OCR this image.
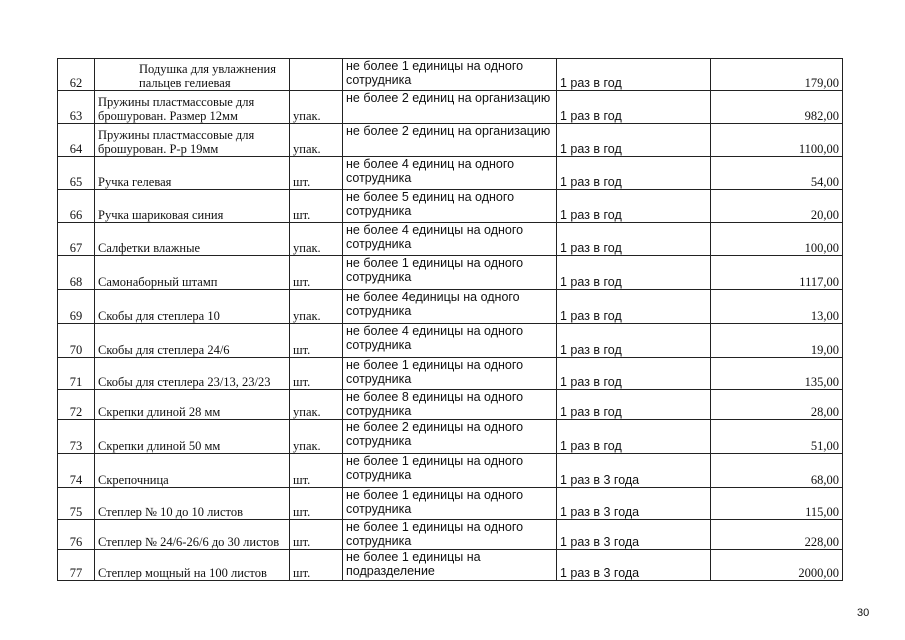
62	Подушка для увлажнения пальцев гелиевая		не более 1 единицы на одного сотрудника	1 раз в год	179,00
63	Пружины пластмассовые для брошурован. Размер 12мм	упак.	не более 2 единиц на организацию	1 раз в год	982,00
64	Пружины пластмассовые для брошурован. Р-р 19мм	упак.	не более 2 единиц на организацию	1 раз в год	1100,00
65	Ручка гелевая	шт.	не более 4 единиц на одного сотрудника	1 раз в год	54,00
66	Ручка шариковая синия	шт.	не более 5 единиц на одного сотрудника	1 раз в год	20,00
67	Салфетки влажные	упак.	не более 4 единицы на одного сотрудника	1 раз в год	100,00
68	Самонаборный штамп	шт.	не более 1 единицы на одного сотрудника	1 раз в год	1117,00
69	Скобы для степлера 10	упак.	не более 4единицы на одного сотрудника	1 раз в год	13,00
70	Скобы для степлера 24/6	шт.	не более 4 единицы на одного сотрудника	1 раз в год	19,00
71	Скобы для степлера 23/13, 23/23	шт.	не более 1 единицы на одного сотрудника	1 раз в год	135,00
72	Скрепки длиной 28 мм	упак.	не более 8 единицы на одного сотрудника	1 раз в год	28,00
73	Скрепки длиной 50 мм	упак.	не более 2 единицы на одного сотрудника	1 раз в год	51,00
74	Скрепочница	шт.	не более 1 единицы на одного сотрудника	1 раз в 3 года	68,00
75	Степлер № 10 до 10 листов	шт.	не более 1 единицы на одного сотрудника	1 раз в 3 года	115,00
76	Степлер № 24/6-26/6 до 30 листов	шт.	не более 1 единицы на одного сотрудника	1 раз в 3 года	228,00
77	Степлер мощный на 100 листов	шт.	не более 1 единицы на подразделение	1 раз в 3 года	2000,00
30
